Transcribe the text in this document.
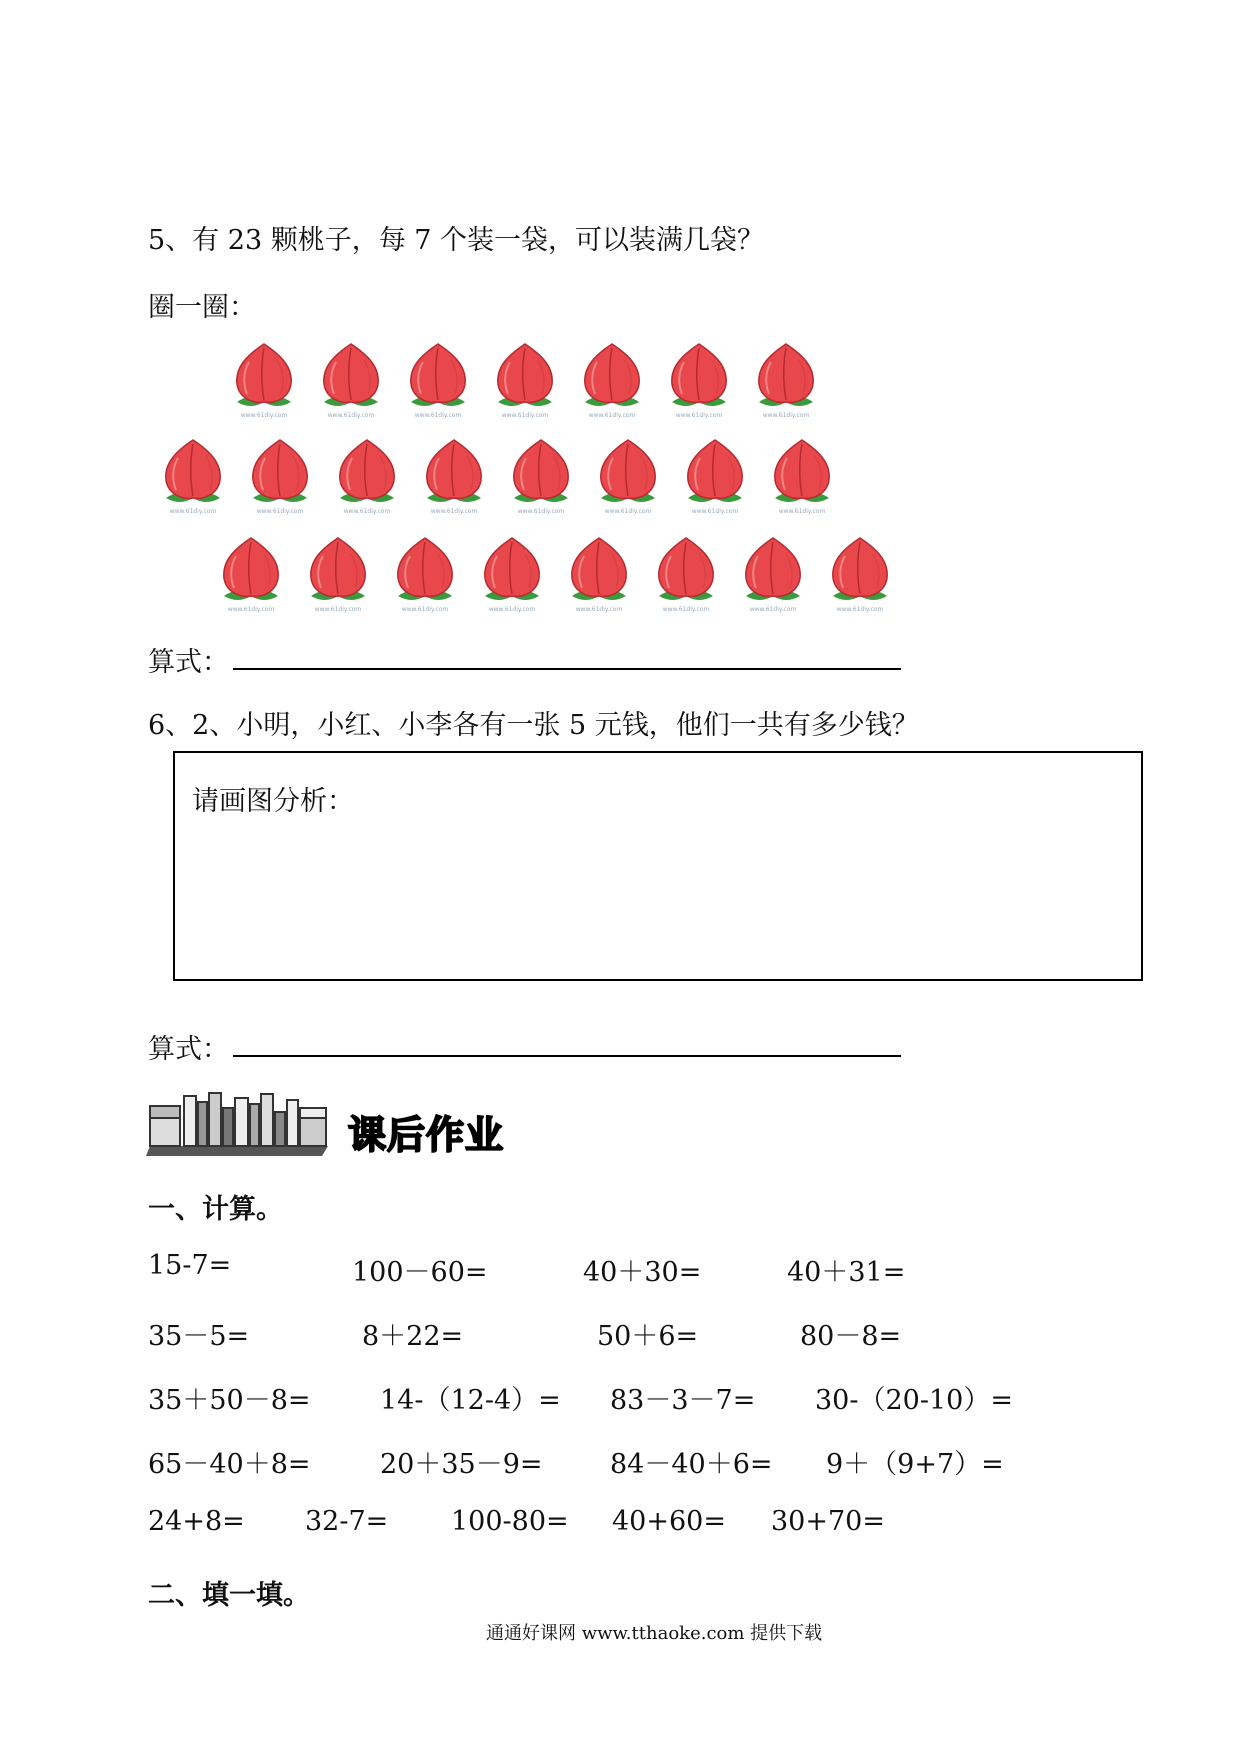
5、有 23 颗桃子，每 7 个装一袋，可以装满几袋？
圈一圈：
www.61diy.com	www.61diy.com	www.61diy.com	www.61diy.com	www.61diy.com	www.61diy.com	www.61diy.com
www.61diy.com	www.61diy.com	www.61diy.com	www.61diy.com	www.61diy.com	www.61diy.com	www.61diy.com	www.61diy.com
www.61diy.com	www.61diy.com	www.61diy.com	www.61diy.com	www.61diy.com	www.61diy.com	www.61diy.com	www.61diy.com
算式：
6、2、小明，小红、小李各有一张 5 元钱，他们一共有多少钱？
请画图分析：
算式：
课后作业
一、计算。
15-7=	100－60=	40＋30=	40＋31=
35－5=	8＋22=	50＋6=	80－8=
35＋50－8=	14-（12-4）= 83－3－7= 30-（20-10）=
65－40＋8=	20＋35－9= 84－40＋6= 9＋（9+7）=
24+8= 32-7= 100-80= 40+60= 30+70=
二、填一填。
通通好课网 www.tthaoke.com 提供下载
